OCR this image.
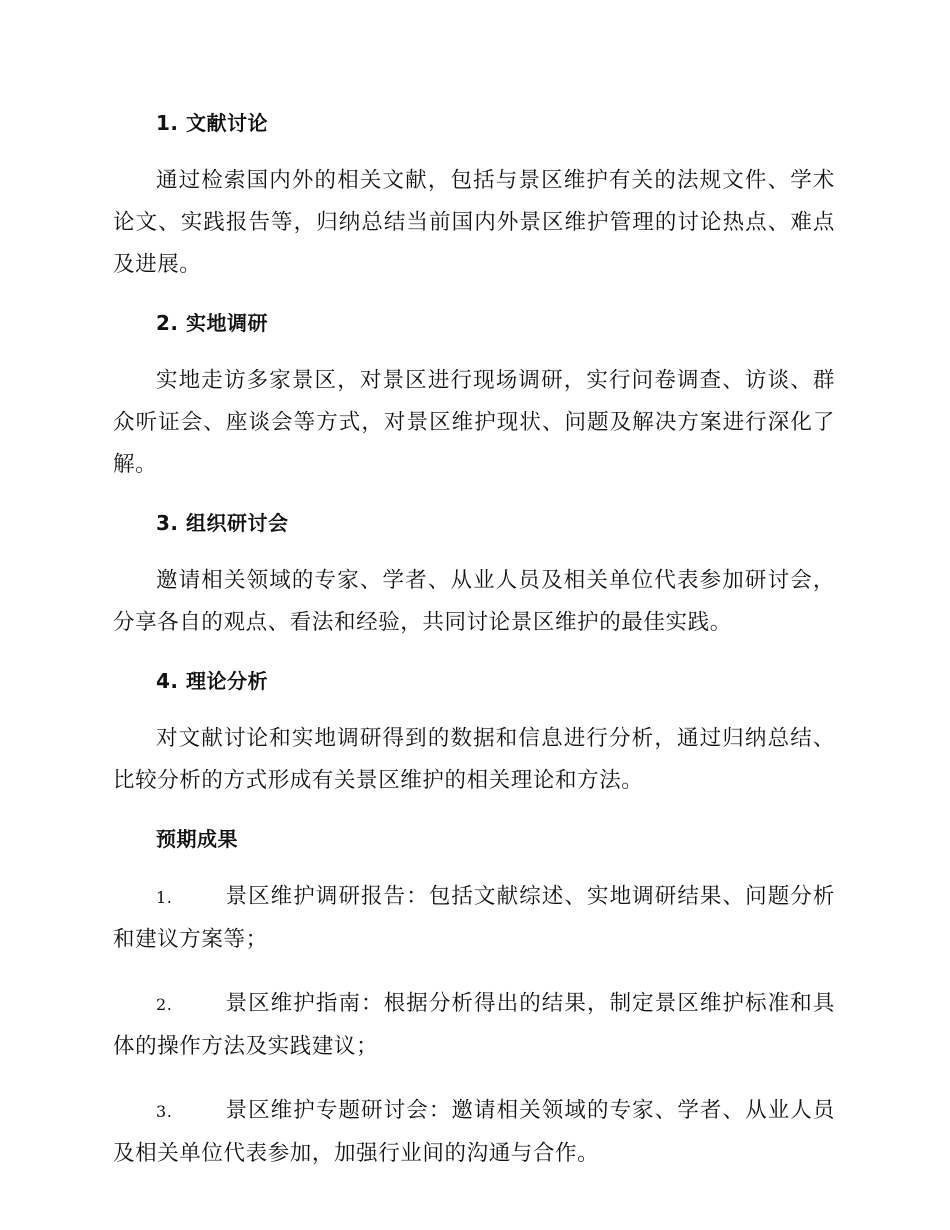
1. 文献讨论

通过检索国内外的相关文献，包括与景区维护有关的法规文件、学术论文、实践报告等，归纳总结当前国内外景区维护管理的讨论热点、难点及进展。

2. 实地调研

实地走访多家景区，对景区进行现场调研，实行问卷调查、访谈、群众听证会、座谈会等方式，对景区维护现状、问题及解决方案进行深化了解。

3. 组织研讨会

邀请相关领域的专家、学者、从业人员及相关单位代表参加研讨会，分享各自的观点、看法和经验，共同讨论景区维护的最佳实践。

4. 理论分析

对文献讨论和实地调研得到的数据和信息进行分析，通过归纳总结、比较分析的方式形成有关景区维护的相关理论和方法。

预期成果

1. 景区维护调研报告：包括文献综述、实地调研结果、问题分析和建议方案等；

2. 景区维护指南：根据分析得出的结果，制定景区维护标准和具体的操作方法及实践建议；

3. 景区维护专题研讨会：邀请相关领域的专家、学者、从业人员及相关单位代表参加，加强行业间的沟通与合作。
